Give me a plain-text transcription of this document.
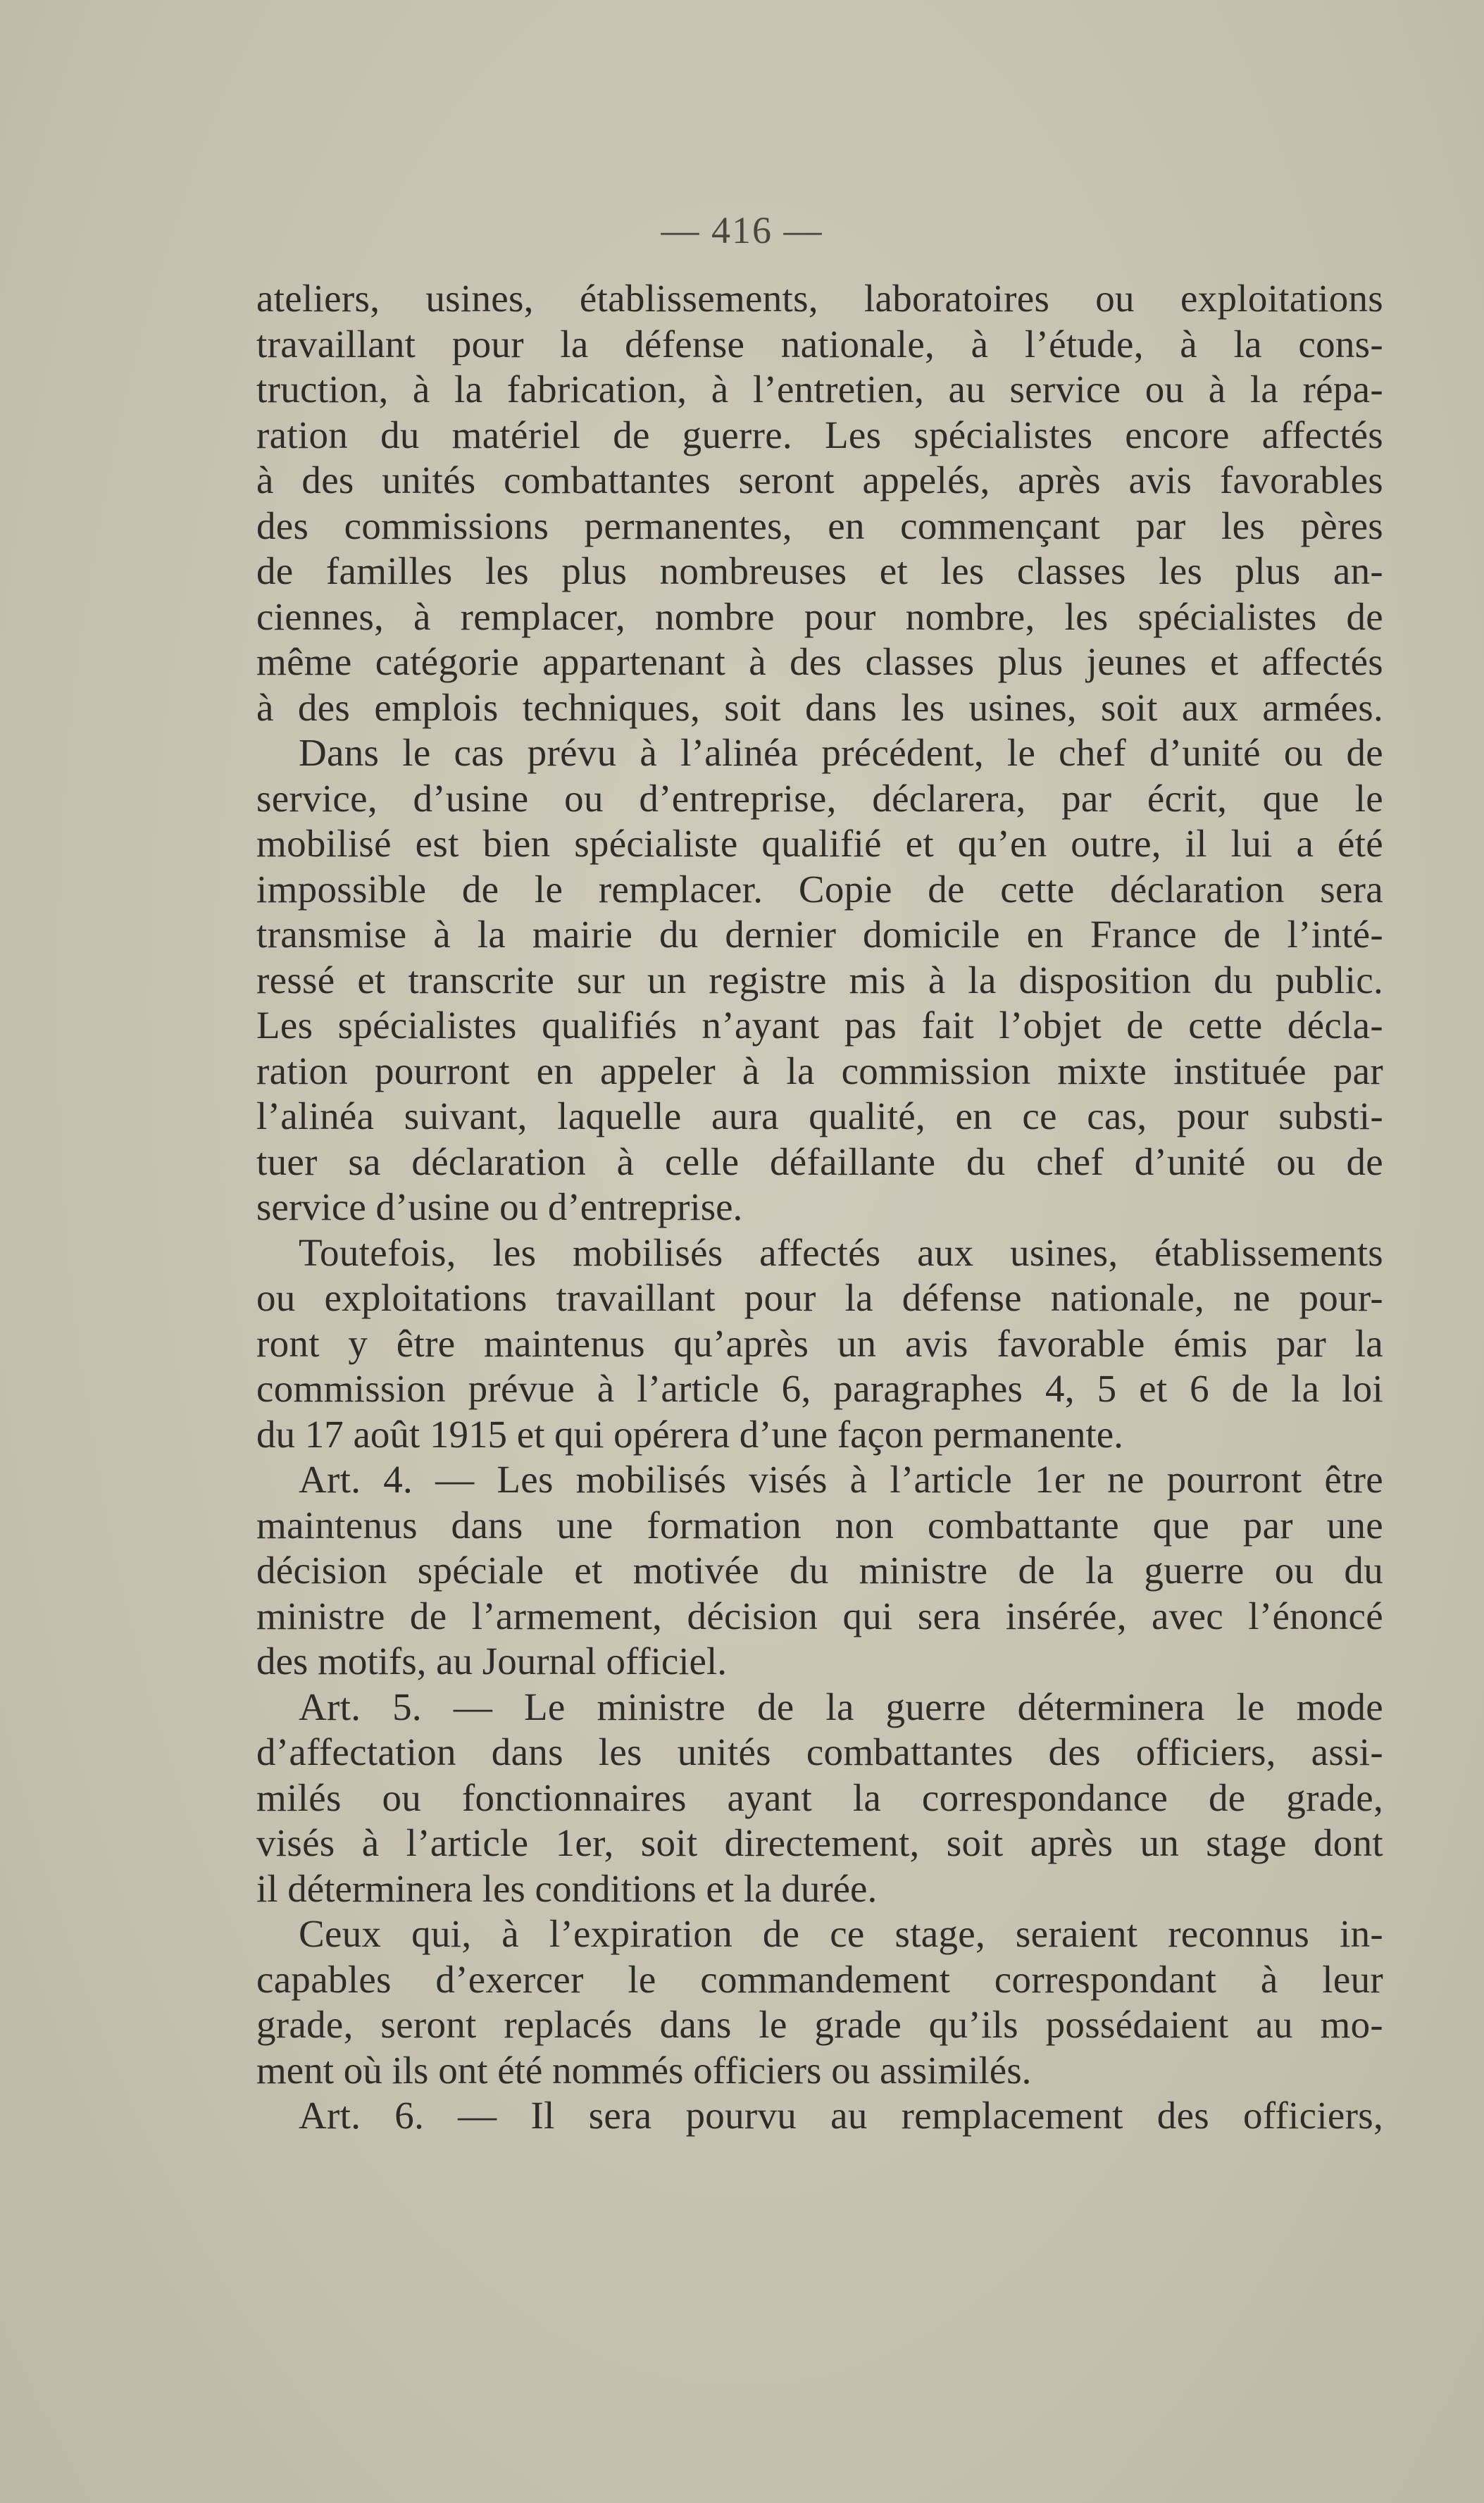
— 416 —

ateliers, usines, établissements, laboratoires ou exploitations
travaillant pour la défense nationale, à l’étude, à la cons-
truction, à la fabrication, à l’entretien, au service ou à la répa-
ration du matériel de guerre. Les spécialistes encore affectés
à des unités combattantes seront appelés, après avis favorables
des commissions permanentes, en commençant par les pères
de familles les plus nombreuses et les classes les plus an-
ciennes, à remplacer, nombre pour nombre, les spécialistes de
même catégorie appartenant à des classes plus jeunes et affectés
à des emplois techniques, soit dans les usines, soit aux armées.

Dans le cas prévu à l’alinéa précédent, le chef d’unité ou de
service, d’usine ou d’entreprise, déclarera, par écrit, que le
mobilisé est bien spécialiste qualifié et qu’en outre, il lui a été
impossible de le remplacer. Copie de cette déclaration sera
transmise à la mairie du dernier domicile en France de l’inté-
ressé et transcrite sur un registre mis à la disposition du public.
Les spécialistes qualifiés n’ayant pas fait l’objet de cette décla-
ration pourront en appeler à la commission mixte instituée par
l’alinéa suivant, laquelle aura qualité, en ce cas, pour substi-
tuer sa déclaration à celle défaillante du chef d’unité ou de
service d’usine ou d’entreprise.

Toutefois, les mobilisés affectés aux usines, établissements
ou exploitations travaillant pour la défense nationale, ne pour-
ront y être maintenus qu’après un avis favorable émis par la
commission prévue à l’article 6, paragraphes 4, 5 et 6 de la loi
du 17 août 1915 et qui opérera d’une façon permanente.

Art. 4. — Les mobilisés visés à l’article 1er ne pourront être
maintenus dans une formation non combattante que par une
décision spéciale et motivée du ministre de la guerre ou du
ministre de l’armement, décision qui sera insérée, avec l’énoncé
des motifs, au Journal officiel.

Art. 5. — Le ministre de la guerre déterminera le mode
d’affectation dans les unités combattantes des officiers, assi-
milés ou fonctionnaires ayant la correspondance de grade,
visés à l’article 1er, soit directement, soit après un stage dont
il déterminera les conditions et la durée.

Ceux qui, à l’expiration de ce stage, seraient reconnus in-
capables d’exercer le commandement correspondant à leur
grade, seront replacés dans le grade qu’ils possédaient au mo-
ment où ils ont été nommés officiers ou assimilés.

Art. 6. — Il sera pourvu au remplacement des officiers,
